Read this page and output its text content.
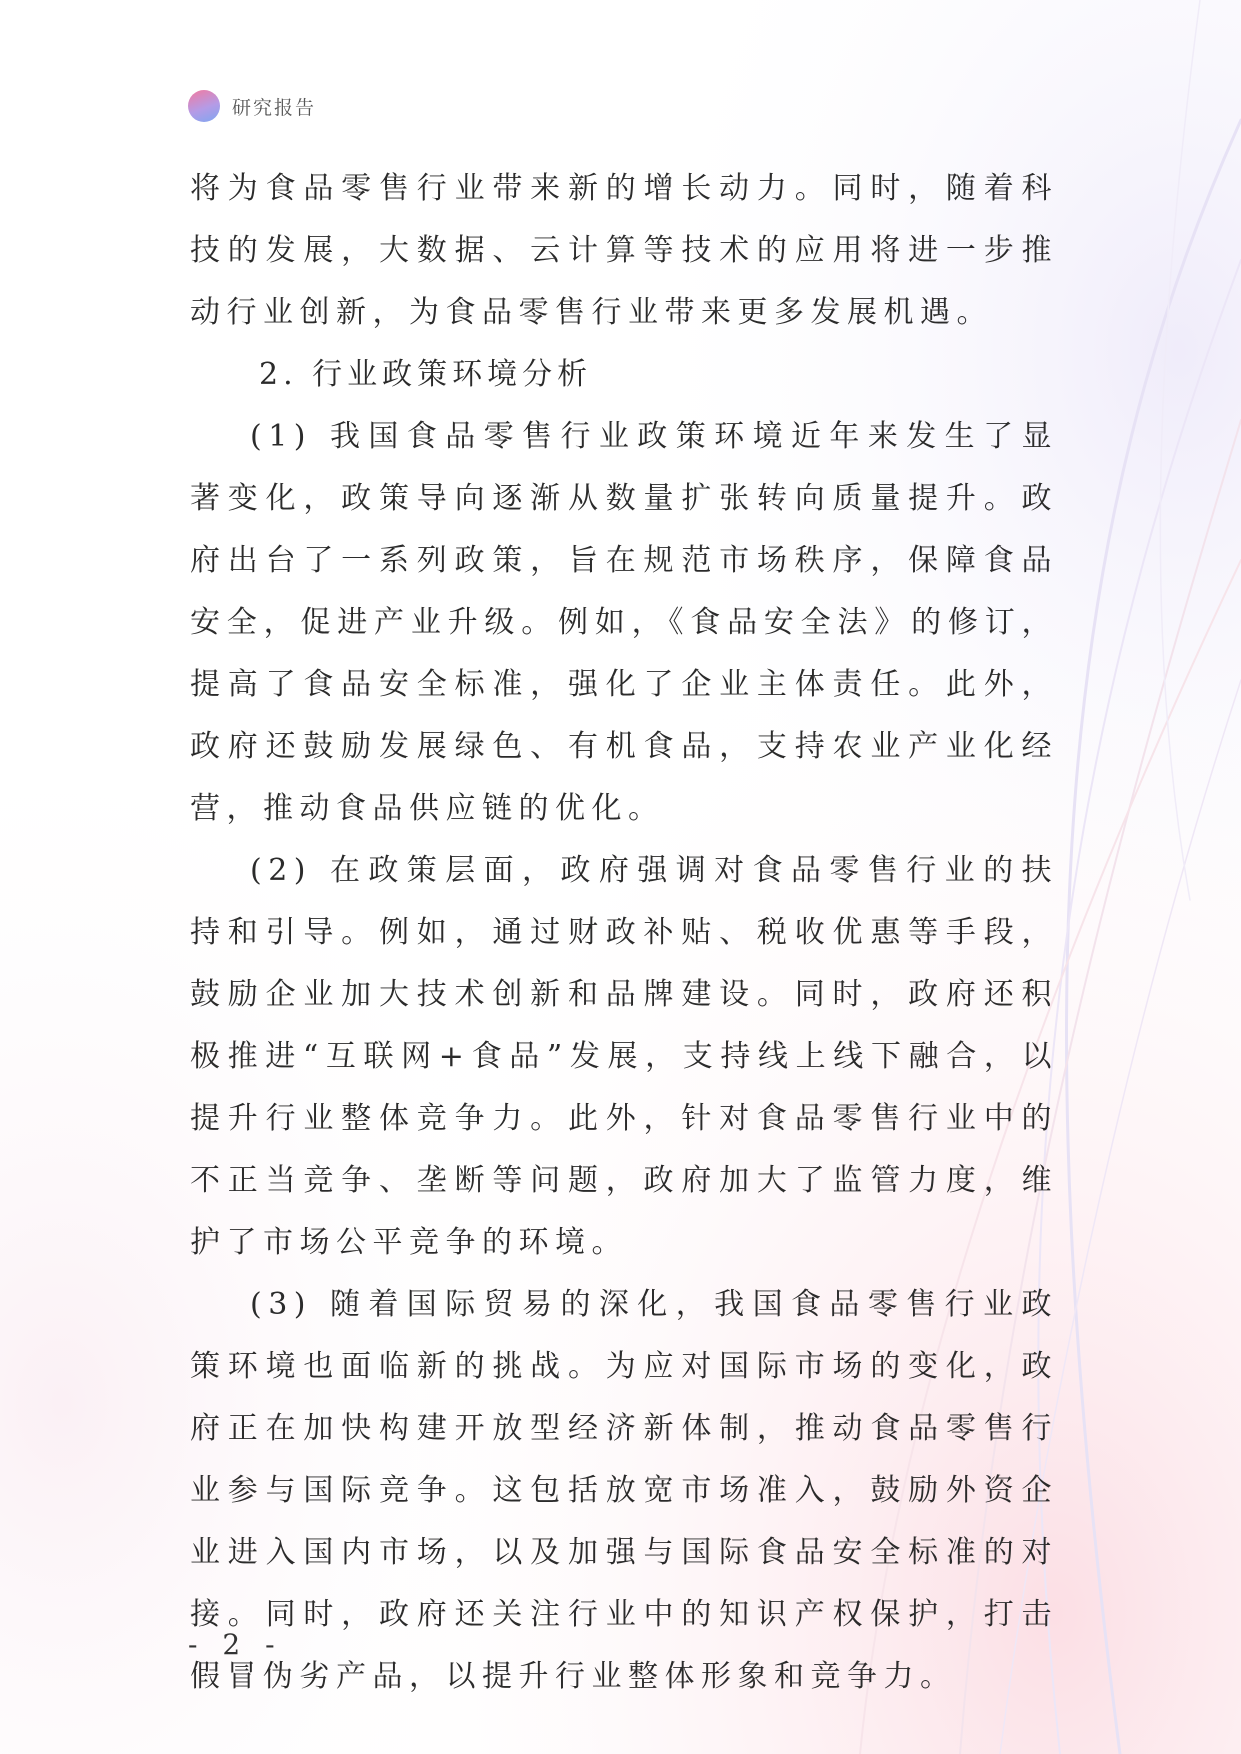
研究报告

将为食品零售行业带来新的增长动力。同时，随着科技的发展，大数据、云计算等技术的应用将进一步推动行业创新，为食品零售行业带来更多发展机遇。

2. 行业政策环境分析

(1) 我国食品零售行业政策环境近年来发生了显著变化，政策导向逐渐从数量扩张转向质量提升。政府出台了一系列政策，旨在规范市场秩序，保障食品安全，促进产业升级。例如，《食品安全法》的修订，提高了食品安全标准，强化了企业主体责任。此外，政府还鼓励发展绿色、有机食品，支持农业产业化经营，推动食品供应链的优化。

(2) 在政策层面，政府强调对食品零售行业的扶持和引导。例如，通过财政补贴、税收优惠等手段，鼓励企业加大技术创新和品牌建设。同时，政府还积极推进“互联网+食品”发展，支持线上线下融合，以提升行业整体竞争力。此外，针对食品零售行业中的不正当竞争、垄断等问题，政府加大了监管力度，维护了市场公平竞争的环境。

(3) 随着国际贸易的深化，我国食品零售行业政策环境也面临新的挑战。为应对国际市场的变化，政府正在加快构建开放型经济新体制，推动食品零售行业参与国际竞争。这包括放宽市场准入，鼓励外资企业进入国内市场，以及加强与国际食品安全标准的对接。同时，政府还关注行业中的知识产权保护，打击假冒伪劣产品，以提升行业整体形象和竞争力。

- 2 -
